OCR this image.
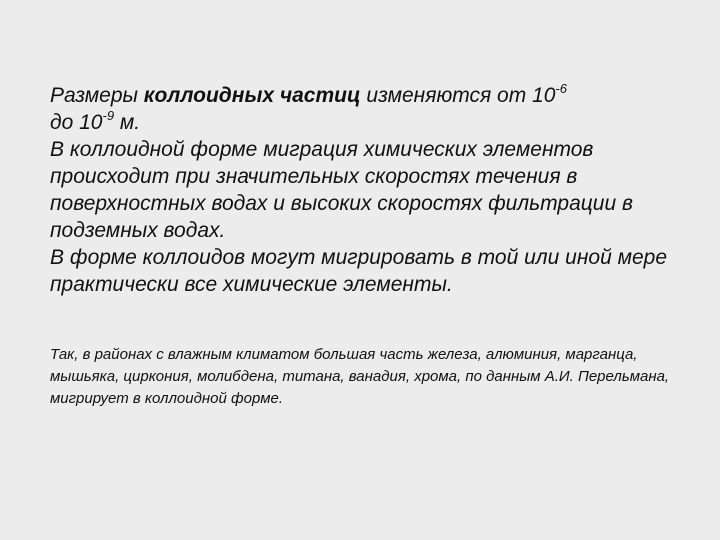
Размеры коллоидных частиц изменяются от $10^{-6}$
до $10^{-9}$ м.

В коллоидной форме миграция химических элементов происходит при значительных скоростях течения в поверхностных водах и высоких скоростях фильтрации в подземных водах.

В форме коллоидов могут мигрировать в той или иной мере практически все химические элементы.

Так, в районах с влажным климатом большая часть железа, алюминия, марганца, мышьяка, циркония, молибдена, титана, ванадия, хрома, по данным А.И. Перельмана, мигрирует в коллоидной форме.
